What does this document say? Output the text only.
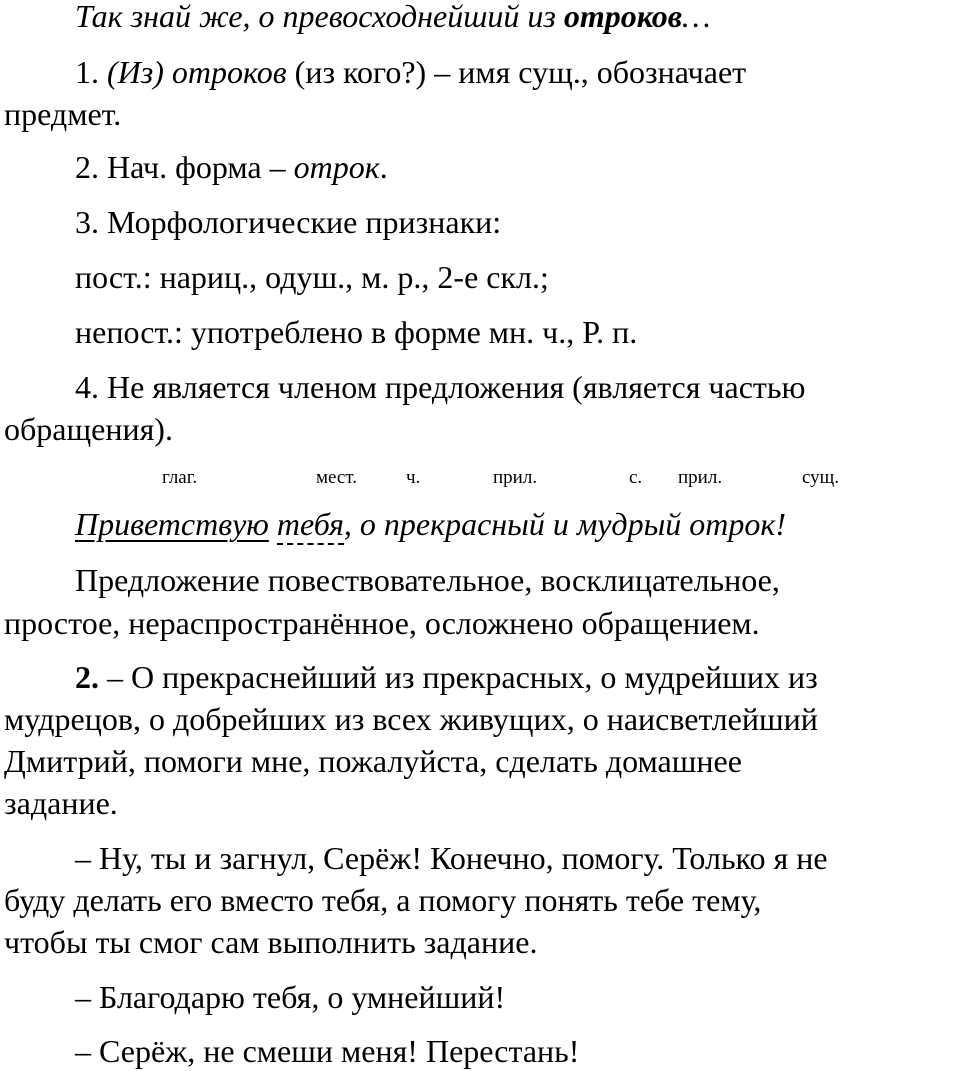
Так знай же, о превосходнейший из отроков…
1. (Из) отроков (из кого?) – имя сущ., обозначает
предмет.
2. Нач. форма – отрок.
3. Морфологические признаки:
пост.: нариц., одуш., м. р., 2-е скл.;
непост.: употреблено в форме мн. ч., Р. п.
4. Не является членом предложения (является частью
обращения).
глаг.	мест.	ч.	прил.	с. прил.	сущ.
Приветствую тебя, о прекрасный и мудрый отрок!
Предложение повествовательное, восклицательное,
простое, нераспространённое, осложнено обращением.
2. – О прекраснейший из прекрасных, о мудрейших из
мудрецов, о добрейших из всех живущих, о наисветлейший
Дмитрий, помоги мне, пожалуйста, сделать домашнее
задание.
– Ну, ты и загнул, Серёж! Конечно, помогу. Только я не
буду делать его вместо тебя, а помогу понять тебе тему,
чтобы ты смог сам выполнить задание.
– Благодарю тебя, о умнейший!
– Серёж, не смеши меня! Перестань!
